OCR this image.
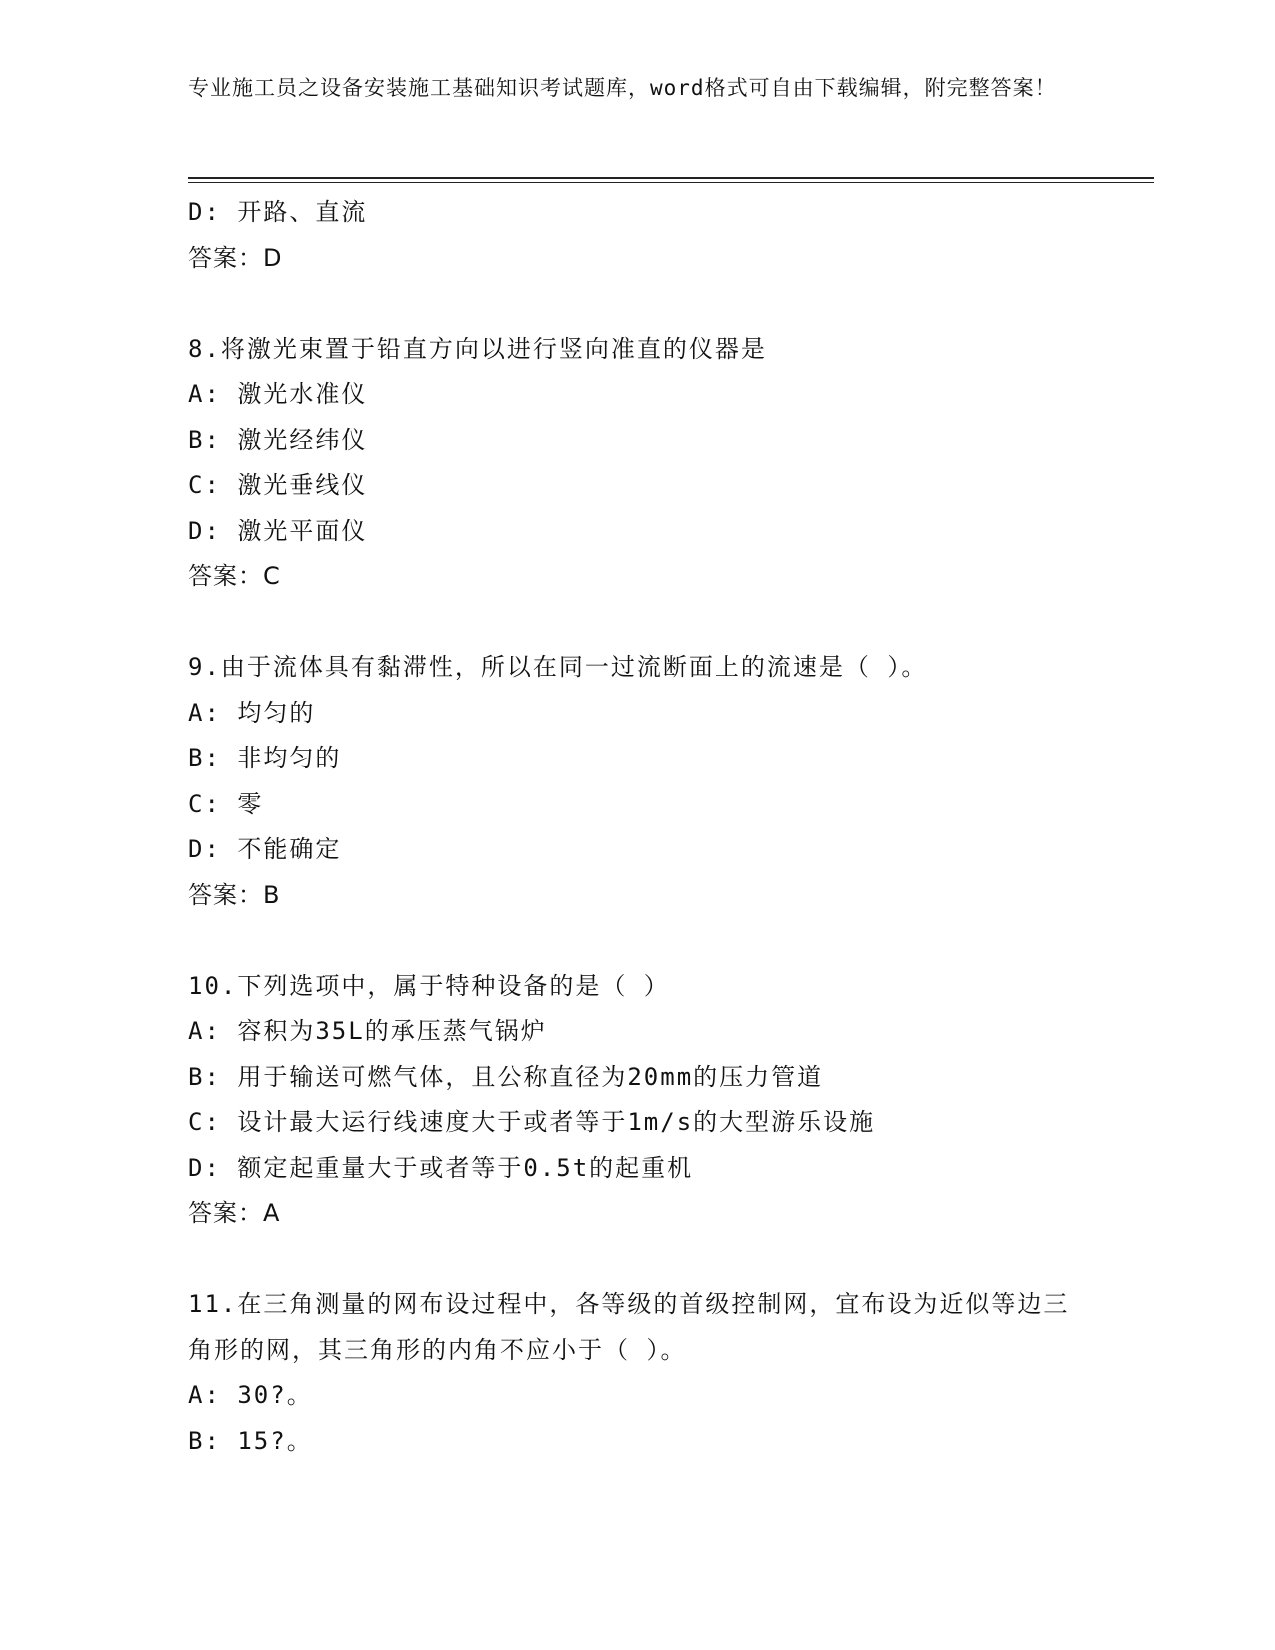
专业施工员之设备安装施工基础知识考试题库，word格式可自由下载编辑，附完整答案！
D: 开路、直流
答案：D
8.将激光束置于铅直方向以进行竖向准直的仪器是
A: 激光水准仪
B: 激光经纬仪
C: 激光垂线仪
D: 激光平面仪
答案：C
9.由于流体具有黏滞性，所以在同一过流断面上的流速是（ ）。
A: 均匀的
B: 非均匀的
C: 零
D: 不能确定
答案：B
10.下列选项中，属于特种设备的是（ ）
A: 容积为35L的承压蒸气锅炉
B: 用于输送可燃气体，且公称直径为20mm的压力管道
C: 设计最大运行线速度大于或者等于1m/s的大型游乐设施
D: 额定起重量大于或者等于0.5t的起重机
答案：A
11.在三角测量的网布设过程中，各等级的首级控制网，宜布设为近似等边三角形的网，其三角形的内角不应小于（ ）。
A: 30?。
B: 15?。
